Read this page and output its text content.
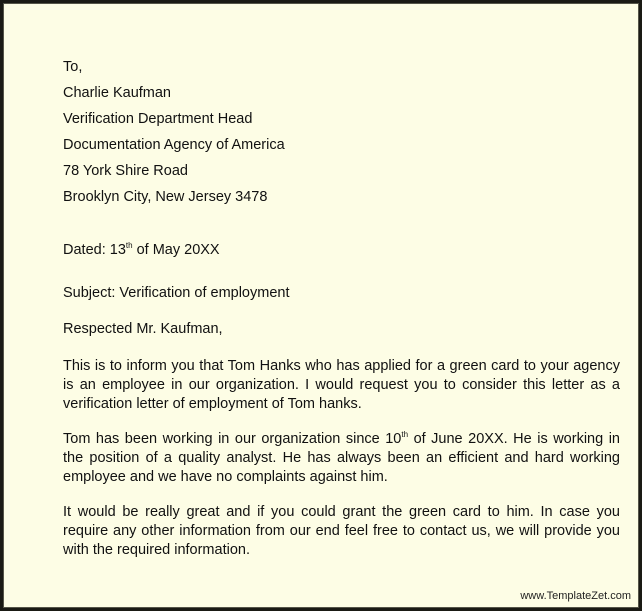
To,
Charlie Kaufman
Verification Department Head
Documentation Agency of America
78 York Shire Road
Brooklyn City, New Jersey 3478
Dated: 13th of May 20XX
Subject: Verification of employment
Respected Mr. Kaufman,

This is to inform you that Tom Hanks who has applied for a green card to your agency is an employee in our organization. I would request you to consider this letter as a verification letter of employment of Tom hanks.

Tom has been working in our organization since 10th of June 20XX. He is working in the position of a quality analyst. He has always been an efficient and hard working employee and we have no complaints against him.

It would be really great and if you could grant the green card to him. In case you require any other information from our end feel free to contact us, we will provide you with the required information.

www.TemplateZet.com
